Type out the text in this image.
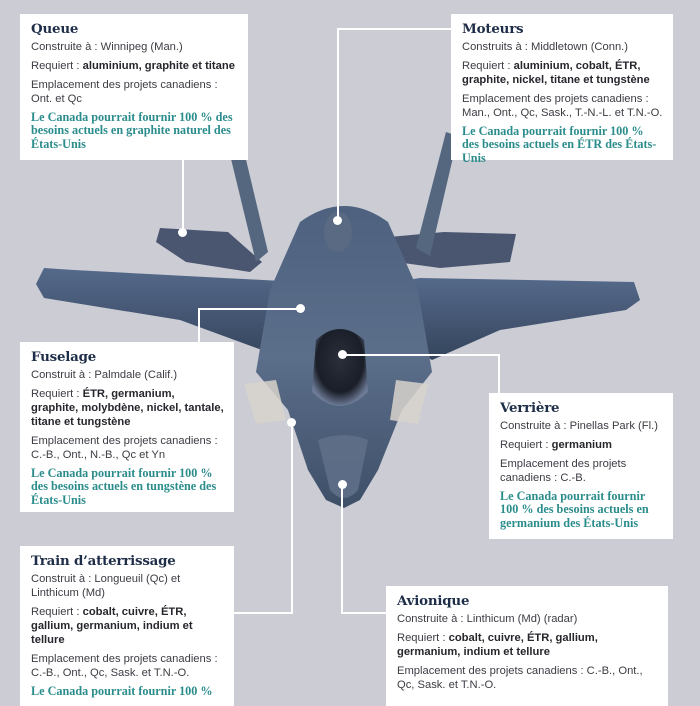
Queue

Construite à : Winnipeg (Man.)

Requiert : aluminium, graphite et titane

Emplacement des projets canadiens : Ont. et Qc

Le Canada pourrait fournir 100 % des besoins actuels en graphite naturel des États-Unis

Moteurs

Construits à : Middletown (Conn.)

Requiert : aluminium, cobalt, ÉTR, graphite, nickel, titane et tungstène

Emplacement des projets canadiens : Man., Ont., Qc, Sask., T.-N.-L. et T.N.-O.

Le Canada pourrait fournir 100 % des besoins actuels en ÉTR des États-Unis

Fuselage

Construit à : Palmdale (Calif.)

Requiert : ÉTR, germanium, graphite, molybdène, nickel, tantale, titane et tungstène

Emplacement des projets canadiens : C.-B., Ont., N.-B., Qc et Yn

Le Canada pourrait fournir 100 % des besoins actuels en tungstène des États-Unis

Verrière

Construite à : Pinellas Park (Fl.)

Requiert : germanium

Emplacement des projets canadiens : C.-B.

Le Canada pourrait fournir 100 % des besoins actuels en germanium des États-Unis

Train d’atterrissage

Construit à : Longueuil (Qc) et Linthicum (Md)

Requiert : cobalt, cuivre, ÉTR, gallium, germanium, indium et tellure

Emplacement des projets canadiens : C.-B., Ont., Qc, Sask. et T.N.-O.

Le Canada pourrait fournir 100 %

Avionique

Construite à : Linthicum (Md) (radar)

Requiert : cobalt, cuivre, ÉTR, gallium, germanium, indium et tellure

Emplacement des projets canadiens : C.-B., Ont., Qc, Sask. et T.N.-O.
